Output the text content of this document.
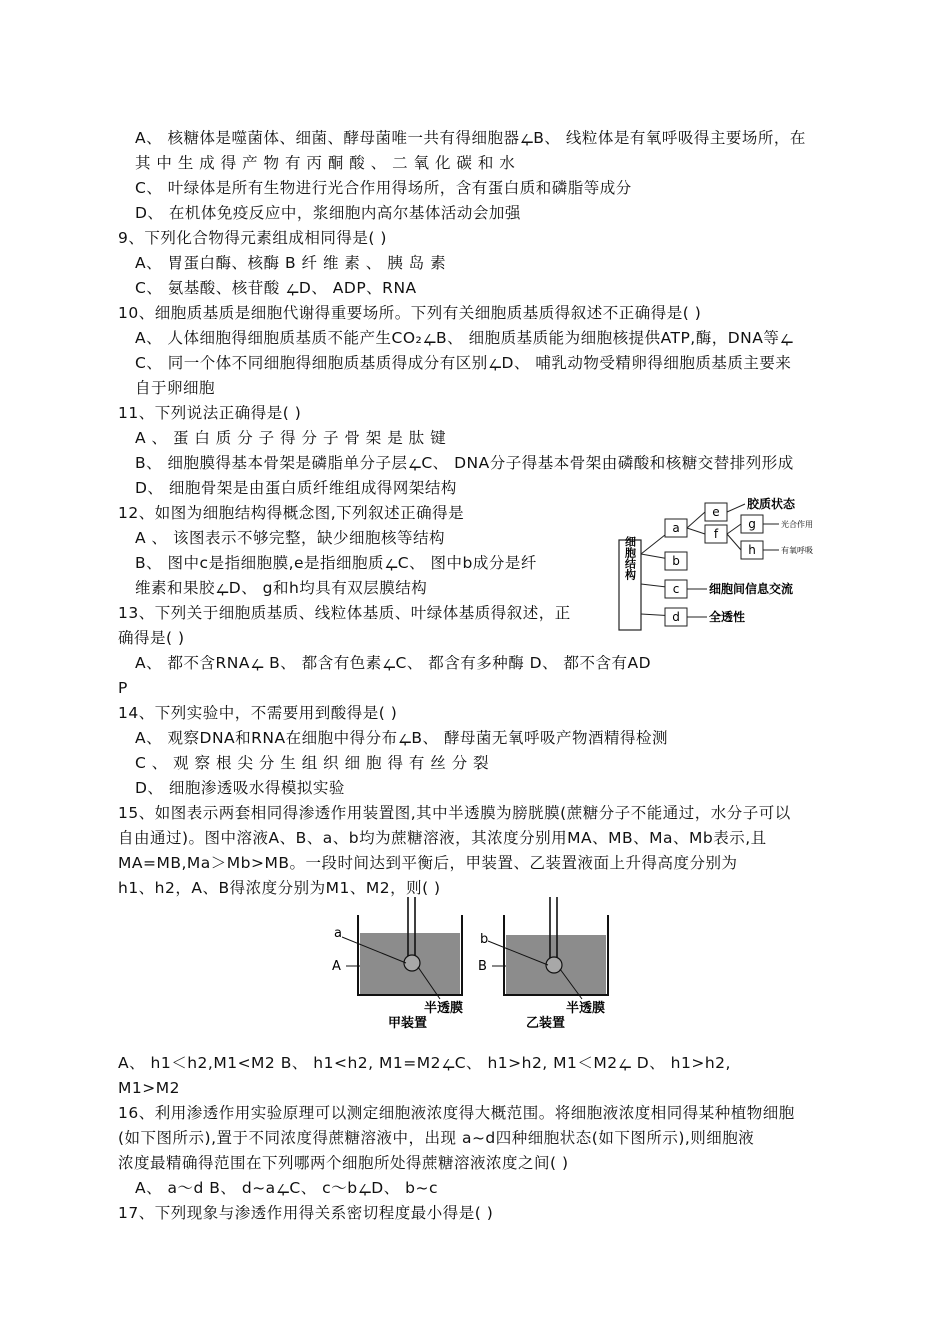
A、 核糖体是噬菌体、细菌、酵母菌唯一共有得细胞器ഺB、 线粒体是有氧呼吸得主要场所，在
其 中 生 成 得 产 物 有 丙 酮 酸 、 二 氧 化 碳 和 水
C、 叶绿体是所有生物进行光合作用得场所，含有蛋白质和磷脂等成分
D、 在机体免疫反应中，浆细胞内高尔基体活动会加强
9、下列化合物得元素组成相同得是( )
A、 胃蛋白酶、核酶 B 纤 维 素 、 胰 岛 素
C、 氨基酸、核苷酸 ഺD、 ADP、RNA
10、细胞质基质是细胞代谢得重要场所。下列有关细胞质基质得叙述不正确得是( )
A、 人体细胞得细胞质基质不能产生CO₂ഺB、 细胞质基质能为细胞核提供ATP,酶，DNA等ഺ
C、 同一个体不同细胞得细胞质基质得成分有区别ഺD、 哺乳动物受精卵得细胞质基质主要来
自于卵细胞
11、下列说法正确得是( )
A 、 蛋 白 质 分 子 得 分 子 骨 架 是 肽 键
B、 细胞膜得基本骨架是磷脂单分子层ഺC、 DNA分子得基本骨架由磷酸和核糖交替排列形成
D、 细胞骨架是由蛋白质纤维组成得网架结构
12、如图为细胞结构得概念图,下列叙述正确得是
A 、 该图表示不够完整，缺少细胞核等结构
B、 图中c是指细胞膜,e是指细胞质ഺC、 图中b成分是纤
维素和果胶ഺD、 g和h均具有双层膜结构
13、下列关于细胞质基质、线粒体基质、叶绿体基质得叙述，正
确得是( )
A、 都不含RNAഺ B、 都含有色素ഺC、 都含有多种酶 D、 都不含有AD
P
14、下列实验中，不需要用到酸得是( )
A、 观察DNA和RNA在细胞中得分布ഺB、 酵母菌无氧呼吸产物酒精得检测
C 、 观 察 根 尖 分 生 组 织 细 胞 得 有 丝 分 裂
D、 细胞渗透吸水得模拟实验
15、如图表示两套相同得渗透作用装置图,其中半透膜为膀胱膜(蔗糖分子不能通过，水分子可以
自由通过)。图中溶液A、B、a、b均为蔗糖溶液，其浓度分别用MA、MB、Ma、Mb表示,且
MA=MB,Ma＞Mb>MB。一段时间达到平衡后，甲装置、乙装置液面上升得高度分别为
h1、h2，A、B得浓度分别为M1、M2，则( )
A、 h1＜h2,M1<M2 B、 h1<h2, M1=M2ഺC、 h1>h2, M1＜M2ഺ D、 h1>h2,
M1>M2
16、利用渗透作用实验原理可以测定细胞液浓度得大概范围。将细胞液浓度相同得某种植物细胞
(如下图所示),置于不同浓度得蔗糖溶液中，出现 a~d四种细胞状态(如下图所示),则细胞液
浓度最精确得范围在下列哪两个细胞所处得蔗糖溶液浓度之间( )
A、 a～d B、 d~aഺC、 c～bഺD、 b~c
17、下列现象与渗透作用得关系密切程度最小得是( )
细胞结构
a
b
c
d
e
胶质状态
f
g	光合作用
h	有氧呼吸
细胞间信息交流
全透性
a
A
半透膜
甲装置
b
B
半透膜
乙装置
